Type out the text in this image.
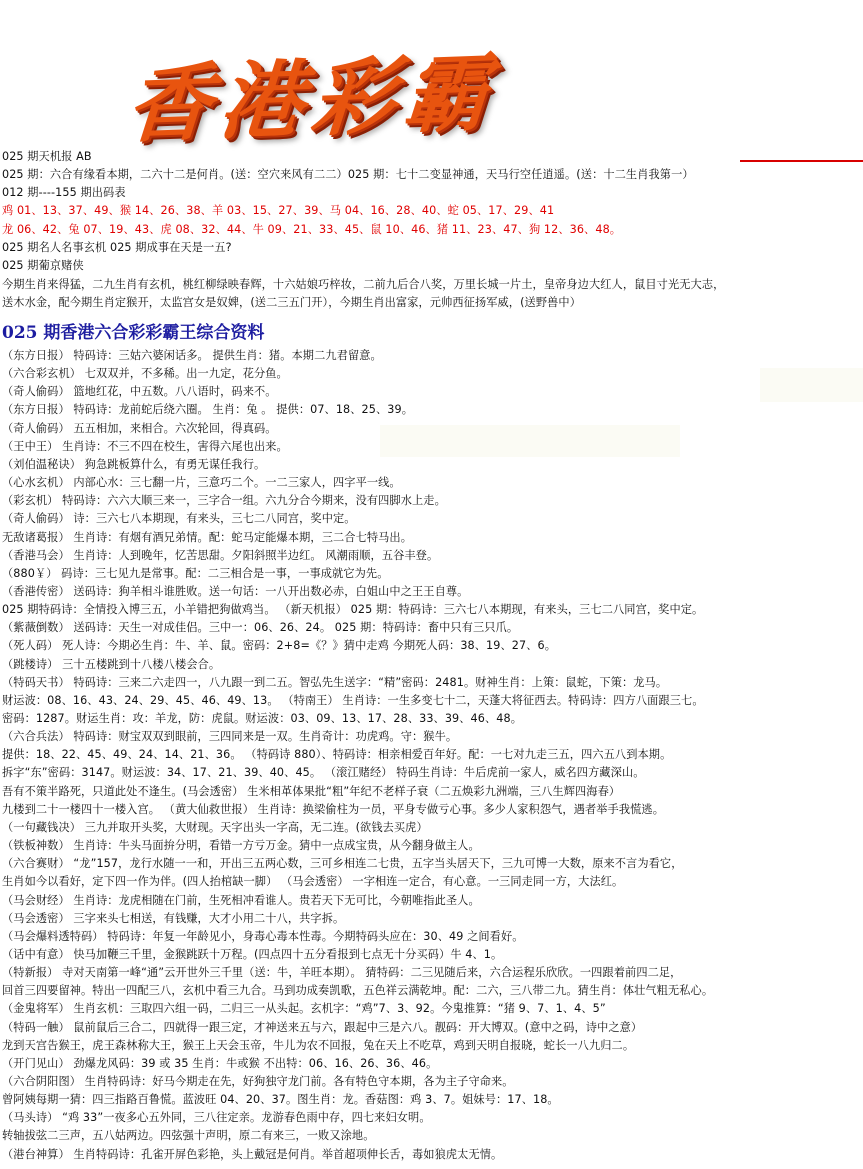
香港彩霸
025 期天机报 AB
025 期：六合有缘看本期，二六十二是何肖。(送：空穴来风有二二）025 期：七十二变显神通，天马行空任逍遥。(送：十二生肖我第一）
012 期----155 期出码表
鸡 01、13、37、49、猴 14、26、38、羊 03、15、27、39、马 04、16、28、40、蛇 05、17、29、41
龙 06、42、兔 07、19、43、虎 08、32、44、牛 09、21、33、45、鼠 10、46、猪 11、23、47、狗 12、36、48。
025 期名人名事玄机 025 期成事在天是一五?
025 期葡京赌侠
今期生肖来得猛，二九生肖有玄机，桃红柳绿映春辉，十六姑娘巧梓妆，二前九后合八奖，万里长城一片土，皇帝身边大红人，鼠目寸光无大志，
送木水金，配今期生肖定猴开，太监宫女是奴婢，(送二三五门开），今期生肖出富家，元帅西征扬军威，(送野兽中）
025 期香港六合彩彩霸王综合资料
（东方日报） 特码诗：三姑六婆闲话多。 提供生肖：猪。本期二九君留意。
（六合彩玄机） 七双双并，不多稀。出一九定，花分鱼。
（奇人偷码） 篮地红花，中五数。八八语时，码来不。
（东方日报） 特码诗：龙前蛇后绕六圈。 生肖：兔 。 提供：07、18、25、39。
（奇人偷码） 五五相加，来相合。六次轮回，得真码。
（王中王） 生肖诗：不三不四在校生，害得六尾也出来。
（刘伯温秘诀） 狗急跳板算什么，有勇无谋任我行。
（心水玄机） 内部心水：三七翻一片，三意巧二个。一二三家人，四字平一线。
（彩玄机） 特码诗：六六大顺三来一，三字合一组。六九分合今期来，没有四脚水上走。
（奇人偷码） 诗：三六七八本期现，有来头，三七二八同宫，奖中定。
无敌诸葛报） 生肖诗：有烟有酒兄弟情。配：蛇马定能爆本期，三二合七特马出。
（香港马会） 生肖诗：人到晚年，忆苦思甜。夕阳斜照半边红。 风潮雨顺，五谷丰登。
（880￥） 码诗：三七见九是常事。配：二三相合是一事，一事成就它为先。
（香港传密） 送码诗：狗羊相斗谁胜败。送一句话：一八开出数必赤，白姐山中之王王自尊。
025 期特码诗：全情投入博三五，小羊错把狗做鸡当。 （新天机报） 025 期：特码诗：三六七八本期现，有来头，三七二八同宫，奖中定。
（紫薇倒数） 送码诗：天生一对成佳侣。三中一：06、26、24。 025 期：特码诗：畜中只有三只爪。
（死人码） 死人诗：今期必生肖：牛、羊、鼠。密码：2+8=《？》猜中走鸡 今期死人码：38、19、27、6。
（跳楼诗） 三十五楼跳到十八楼八楼会合。
（特码天书） 特码诗：三来二六走四一，八九跟一到二五。智弘先生送字：“精”密码：2481。财神生肖：上策：鼠蛇，下策：龙马。
财运波：08、16、43、24、29、45、46、49、13。 （特南王） 生肖诗：一生多变七十二，天蓬大将征西去。特码诗：四方八面跟三七。
密码：1287。财运生肖：攻：羊龙，防：虎鼠。财运波：03、09、13、17、28、33、39、46、48。
（六合兵法） 特码诗：财宝双双到眼前，三四同来是一双。生肖奇计：功虎鸡。守：猴牛。
提供：18、22、45、49、24、14、21、36。 （特码诗 880）、特码诗：相亲相爱百年好。配：一七对九走三五，四六五八到本期。
拆字“东”密码：3147。财运波：34、17、21、39、40、45。 （滚江赌经） 特码生肖诗：牛后虎前一家人，威名四方藏深山。
吾有不策半路死，只道此处不逢生。(马会透密） 生米相革体果批“粗”年纪不老样子衰（二五焕彩九洲端，三八生辉四海春）
九楼到二十一楼四十一楼入宫。 （黄大仙救世报） 生肖诗：换梁偷柱为一员，平身专做亏心事。多少人家积怨气，遇者举手我慌逃。
（一句藏钱决） 三九并取开头奖，大财现。天字出头一字高，无二连。(欲钱去买虎）
（铁板神数） 生肖诗：牛头马面拚分明，看错一方亏万金。猜中一点成宝贵，从今翻身做主人。
（六合赛财） “龙”157，龙行水随一一和，开出三五两心数，三可乡相连二七贵，五字当头居天下，三九可博一大数，原来不言为看它，
生肖如今以看好，定下四一作为伴。(四人抬棺缺一脚） （马会透密） 一字相连一定合，有心意。一三同走同一方，大法红。
（马会财经） 生肖诗：龙虎相随在门前，生死相冲看谁人。贵若天下无可比，今朝唯指此圣人。
（马会透密） 三字来头七相送，有钱赚，大才小用二十八，共字拆。
（马会爆料透特码） 特码诗：年复一年龄见小，身毒心毒本性毒。今期特码头应在：30、49 之间看好。
（话中有意） 快马加鞭三千里，金猴跳跃十万程。(四点四十五分看报到七点无十分买码）牛 4、1。
（特新报） 寺对天南第一峰“通”云开世外三千里（送：牛，羊旺本期）。 猜特码：二三见随后来，六合运程乐欣欣。一四跟着前四二足，
回首三四要留神。特出一四配三八，玄机中看三九合。马到功成奏凯歌，五色祥云满乾坤。配：二六，三八带二九。猜生肖：体壮气粗无私心。
（金鬼将军） 生肖玄机：三取四六组一码，二归三一从头起。玄机字：“鸡”7、3、92。今鬼推算：“猪 9、7、1、4、5”
（特码一触） 鼠前鼠后三合二，四就得一跟三定，才神送来五与六，跟起中三是六八。靓码：开大博双。(意中之码，诗中之意）
龙到天宫告猴王，虎王森林称大王，猴王上天会玉帝，牛儿为农不回报，兔在天上不吃草，鸡到天明自报晓，蛇长一八九归二。
（开门见山） 劲爆龙风码：39 或 35 生肖：牛或猴 不出特：06、16、26、36、46。
（六合阴阳图） 生肖特码诗：好马今期走在先，好狗独守龙门前。各有特色守本期，各为主子守命来。
曾阿姨每期一猜：四三指路百鲁慌。蓝波旺 04、20、37。图生肖：龙。香菇图：鸡 3、7。姐妹号：17、18。
（马头诗） “鸡 33”一夜多心五外同，三八往定亲。龙游春色雨中存，四七来妇女明。
转轴拔弦二三声，五八姑两边。四弦强十声明，原二有来三，一败又涂地。
（港台神算） 生肖特码诗：孔雀开屏色彩艳，头上戴冠是何肖。举首超项伸长舌，毒如狼虎太无情。
